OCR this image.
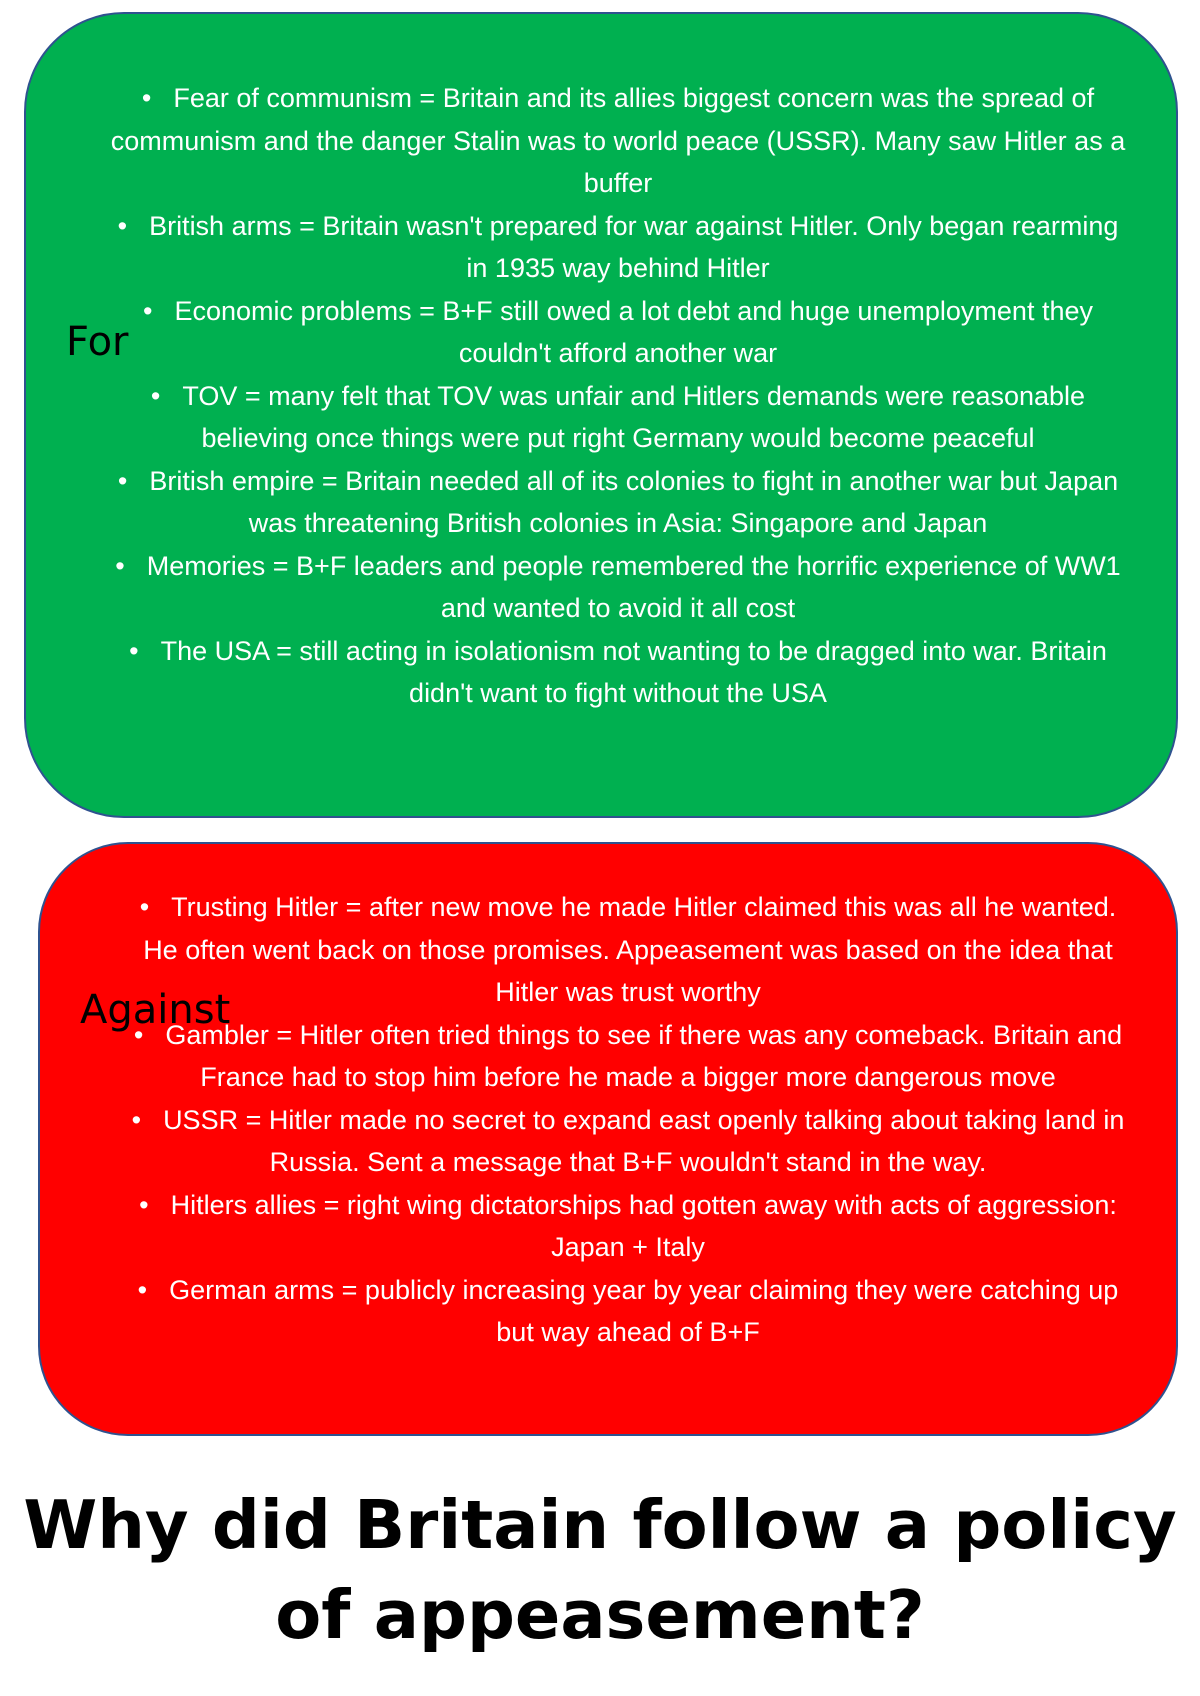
For
• Fear of communism = Britain and its allies biggest concern was the spread of communism and the danger Stalin was to world peace (USSR). Many saw Hitler as a buffer
• British arms = Britain wasn't prepared for war against Hitler. Only began rearming in 1935 way behind Hitler
• Economic problems = B+F still owed a lot debt and huge unemployment they couldn't afford another war
• TOV = many felt that TOV was unfair and Hitlers demands were reasonable believing once things were put right Germany would become peaceful
• British empire = Britain needed all of its colonies to fight in another war but Japan was threatening British colonies in Asia: Singapore and Japan
• Memories = B+F leaders and people remembered the horrific experience of WW1 and wanted to avoid it all cost
• The USA = still acting in isolationism not wanting to be dragged into war. Britain didn't want to fight without the USA
• Trusting Hitler = after new move he made Hitler claimed this was all he wanted. He often went back on those promises. Appeasement was based on the idea that Hitler was trust worthy
• Gambler = Hitler often tried things to see if there was any comeback. Britain and France had to stop him before he made a bigger more dangerous move
• USSR = Hitler made no secret to expand east openly talking about taking land in Russia. Sent a message that B+F wouldn't stand in the way.
• Hitlers allies = right wing dictatorships had gotten away with acts of aggression: Japan + Italy
• German arms = publicly increasing year by year claiming they were catching up but way ahead of B+F
Against
Why did Britain follow a policy of appeasement?
